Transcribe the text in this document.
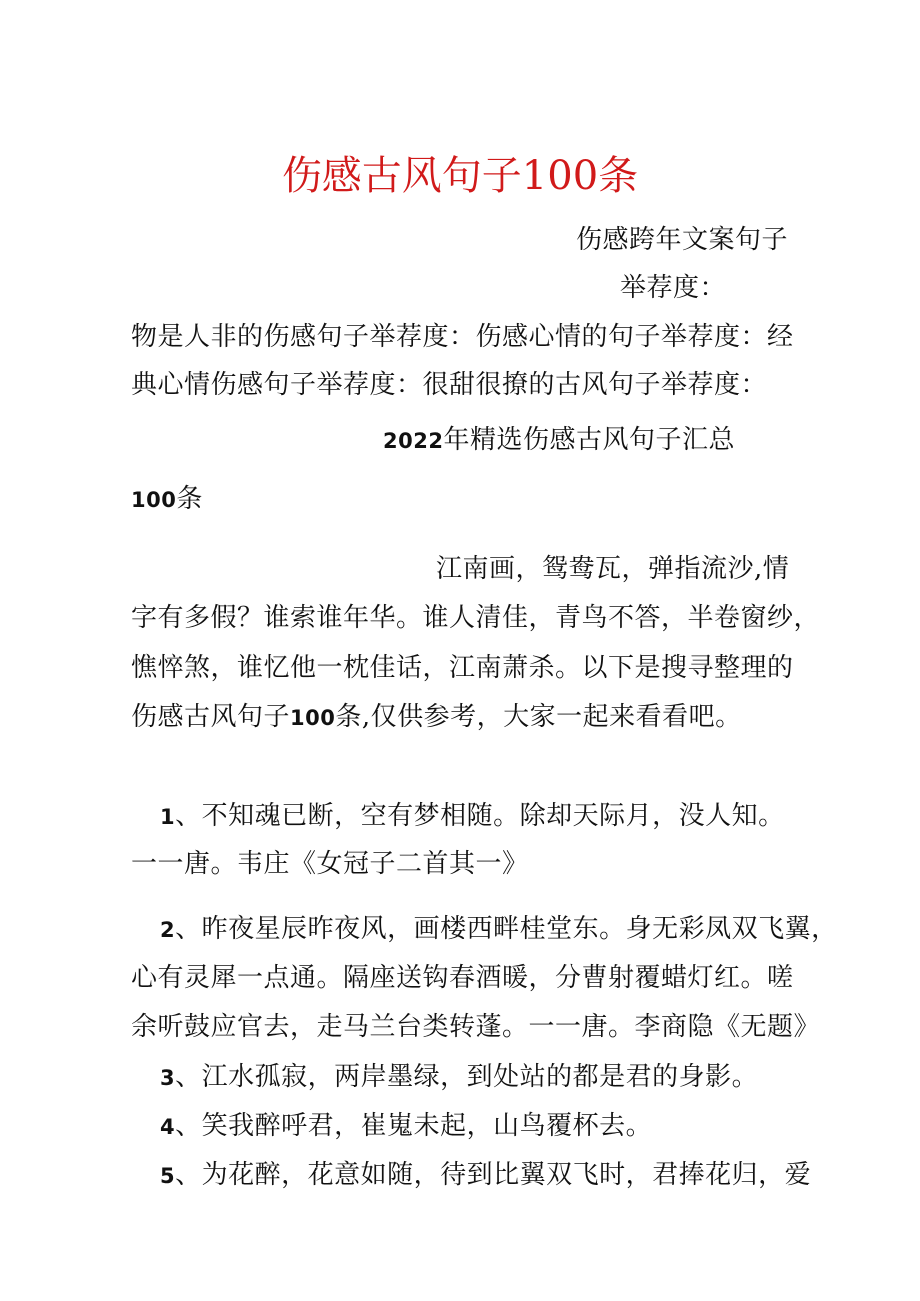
伤感古风句子100条
伤感跨年文案句子
举荐度：
物是人非的伤感句子举荐度：伤感心情的句子举荐度：经
典心情伤感句子举荐度：很甜很撩的古风句子举荐度：
2022年精选伤感古风句子汇总
100条
江南画，鸳鸯瓦，弹指流沙,情
字有多假？谁索谁年华。谁人清佳，青鸟不答，半卷窗纱，
憔悴煞，谁忆他一枕佳话，江南萧杀。以下是搜寻整理的
伤感古风句子100条,仅供参考，大家一起来看看吧。
1、不知魂已断，空有梦相随。除却天际月，没人知。
一一唐。韦庄《女冠子二首其一》
2、昨夜星辰昨夜风，画楼西畔桂堂东。身无彩凤双飞翼，
心有灵犀一点通。隔座送钩春酒暖，分曹射覆蜡灯红。嗟
余听鼓应官去，走马兰台类转蓬。一一唐。李商隐《无题》
3、江水孤寂，两岸墨绿，到处站的都是君的身影。
4、笑我醉呼君，崔嵬未起，山鸟覆杯去。
5、为花醉，花意如随，待到比翼双飞时，君捧花归，爱
